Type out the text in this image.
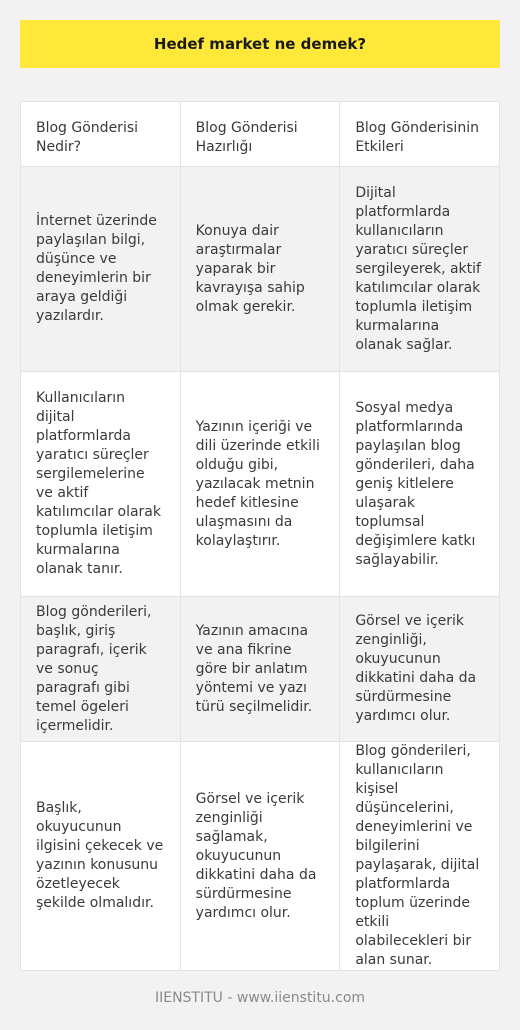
Hedef market ne demek?
Blog Gönderisi Nedir?	Blog Gönderisi Hazırlığı	Blog Gönderisinin Etkileri
İnternet üzerinde paylaşılan bilgi, düşünce ve deneyimlerin bir araya geldiği yazılardır.	Konuya dair araştırmalar yaparak bir kavrayışa sahip olmak gerekir.	Dijital platformlarda kullanıcıların yaratıcı süreçler sergileyerek, aktif katılımcılar olarak toplumla iletişim kurmalarına olanak sağlar.
Kullanıcıların dijital platformlarda yaratıcı süreçler sergilemelerine ve aktif katılımcılar olarak toplumla iletişim kurmalarına olanak tanır.	Yazının içeriği ve dili üzerinde etkili olduğu gibi, yazılacak metnin hedef kitlesine ulaşmasını da kolaylaştırır.	Sosyal medya platformlarında paylaşılan blog gönderileri, daha geniş kitlelere ulaşarak toplumsal değişimlere katkı sağlayabilir.
Blog gönderileri, başlık, giriş paragrafı, içerik ve sonuç paragrafı gibi temel ögeleri içermelidir.	Yazının amacına ve ana fikrine göre bir anlatım yöntemi ve yazı türü seçilmelidir.	Görsel ve içerik zenginliği, okuyucunun dikkatini daha da sürdürmesine yardımcı olur.
Başlık, okuyucunun ilgisini çekecek ve yazının konusunu özetleyecek şekilde olmalıdır.	Görsel ve içerik zenginliği sağlamak, okuyucunun dikkatini daha da sürdürmesine yardımcı olur.	Blog gönderileri, kullanıcıların kişisel düşüncelerini, deneyimlerini ve bilgilerini paylaşarak, dijital platformlarda toplum üzerinde etkili olabilecekleri bir alan sunar.
IIENSTITU - www.iienstitu.com
